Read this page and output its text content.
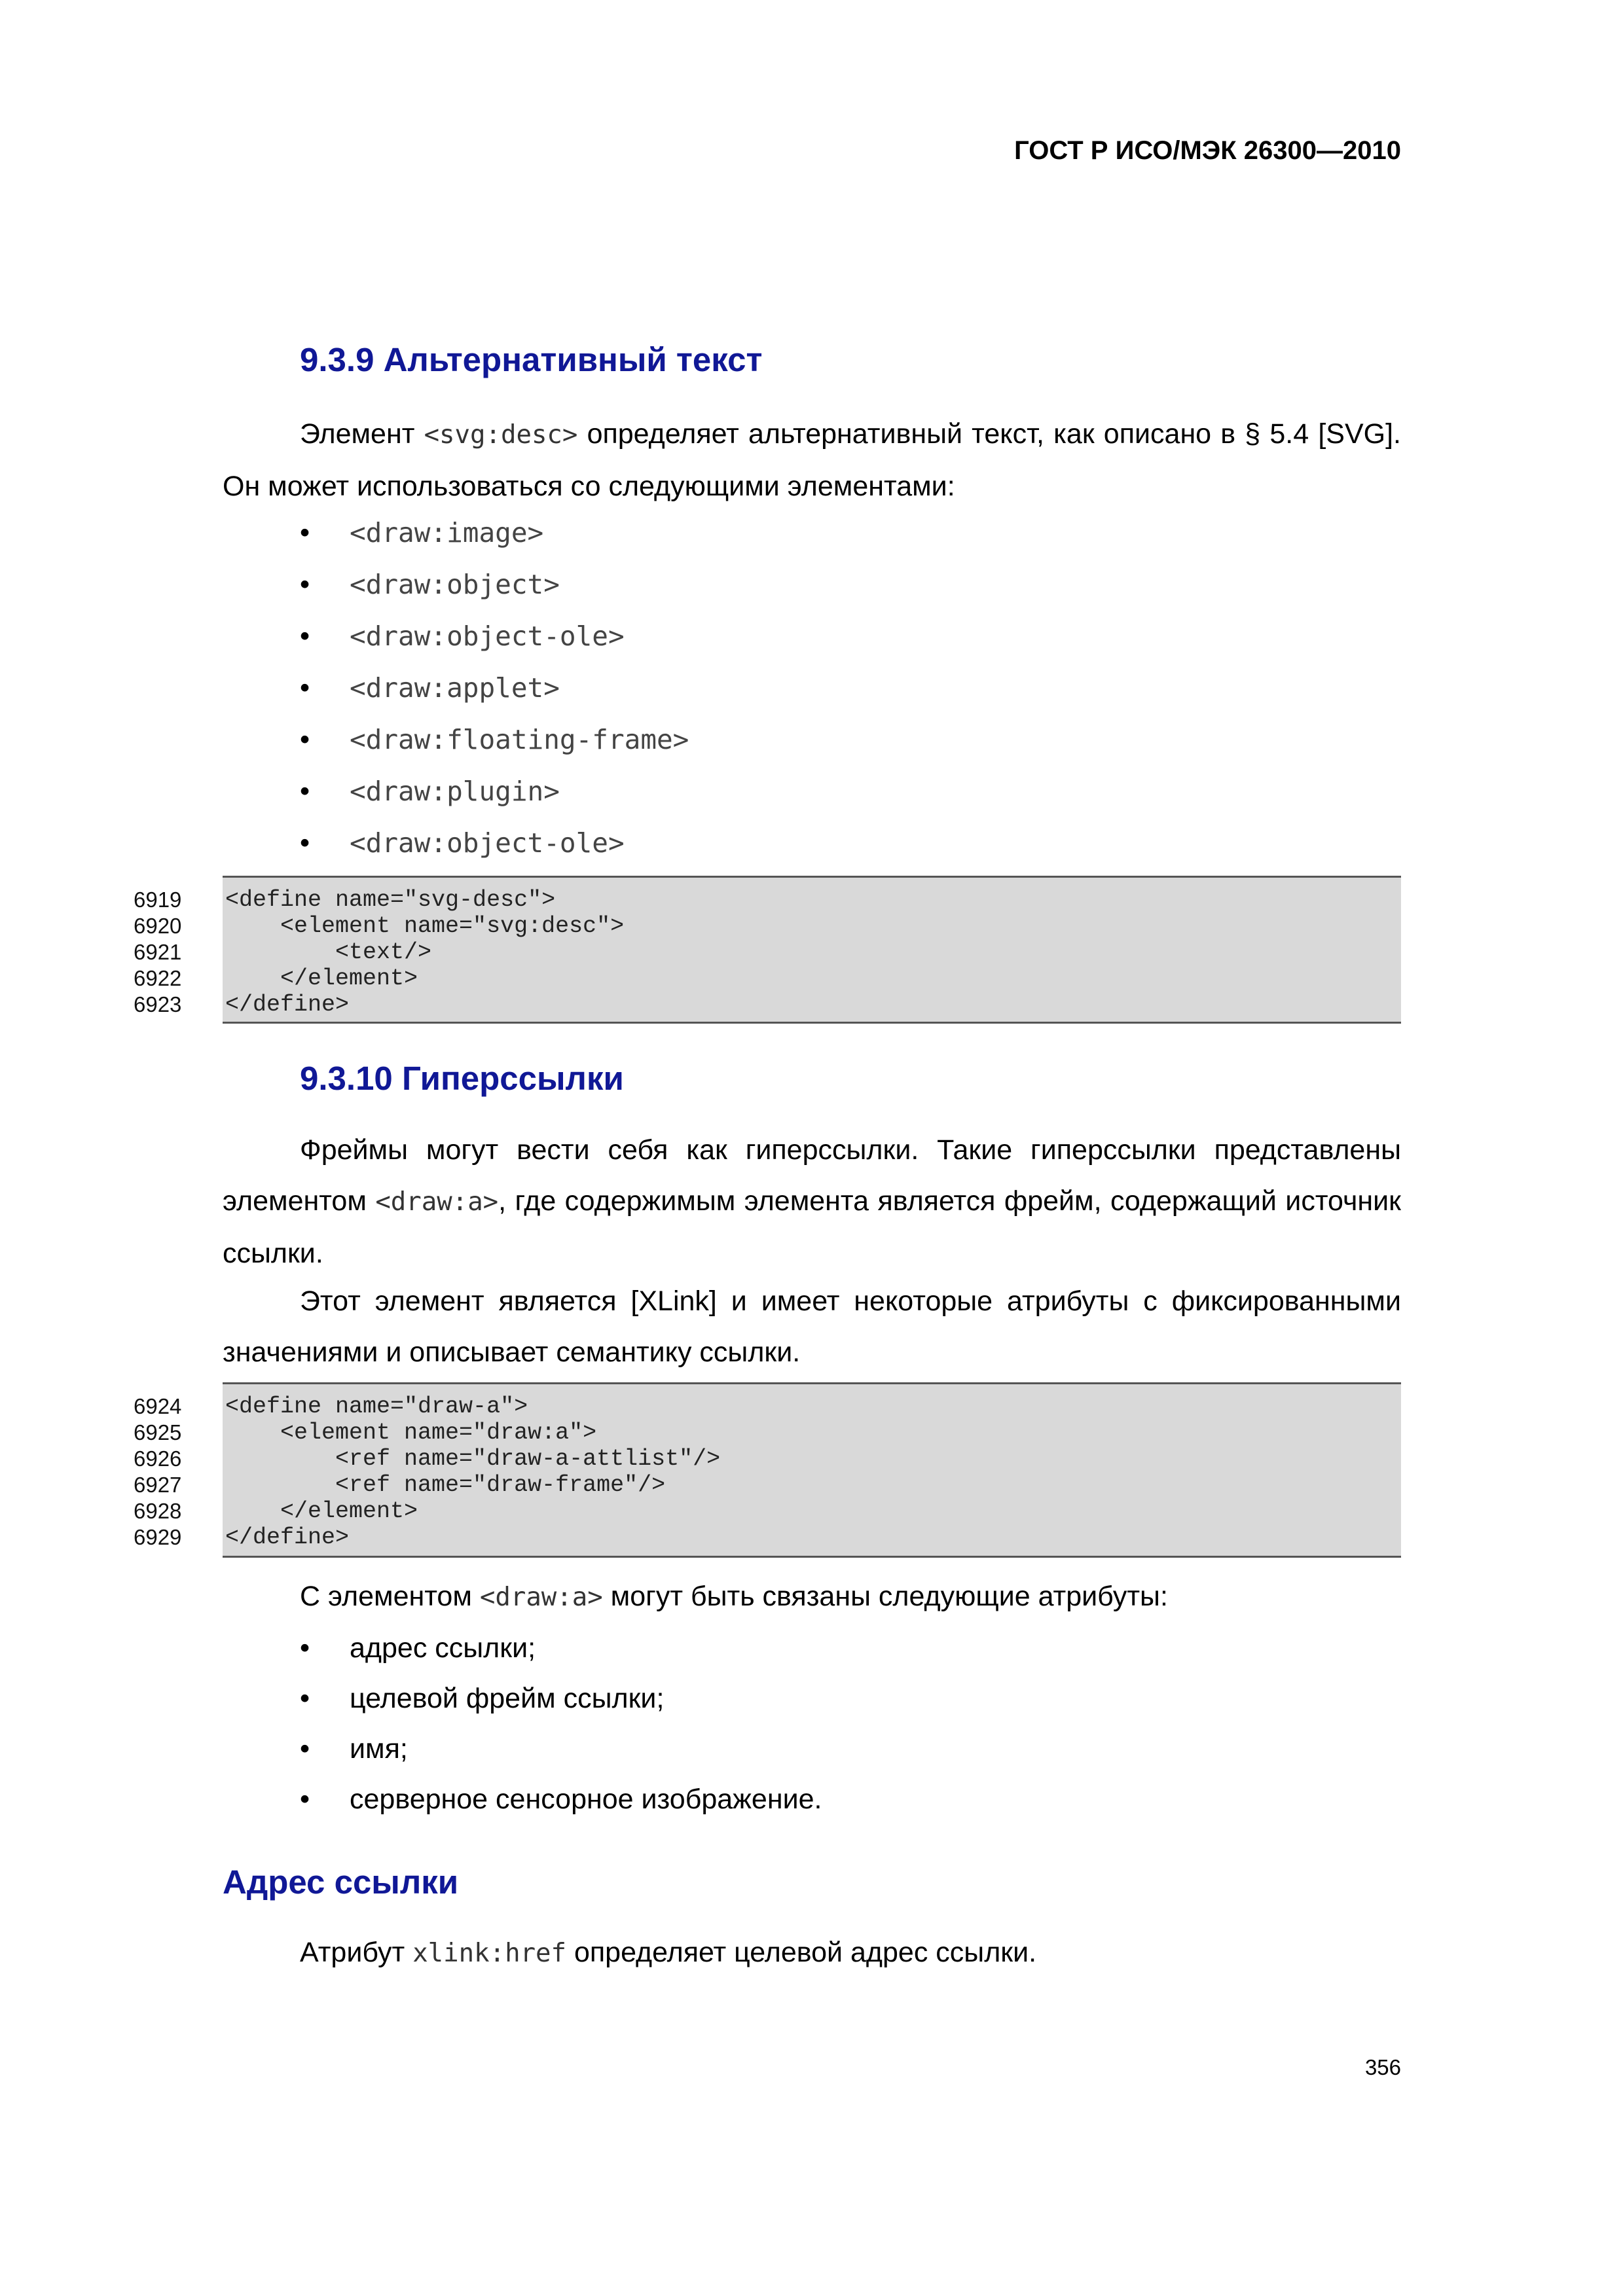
ГОСТ Р ИСО/МЭК 26300—2010
9.3.9 Альтернативный текст

Элемент <svg:desc> определяет альтернативный текст, как описано в § 5.4 [SVG]. Он может использоваться со следующими элементами:

• <draw:image>
• <draw:object>
• <draw:object-ole>
• <draw:applet>
• <draw:floating-frame>
• <draw:plugin>
• <draw:object-ole>
6919	<define name="svg-desc">
6920	<element name="svg:desc">
6921	<text/>
6922	</element>
6923	</define>
9.3.10 Гиперссылки

Фреймы могут вести себя как гиперссылки. Такие гиперссылки представлены элементом <draw:a>, где содержимым элемента является фрейм, содержащий источник ссылки.

Этот элемент является [XLink] и имеет некоторые атрибуты с фиксированными значениями и описывает семантику ссылки.

6924	<define name="draw-a">
6925	<element name="draw:a">
6926	<ref name="draw-a-attlist"/>
6927	<ref name="draw-frame"/>
6928	</element>
6929	</define>

С элементом <draw:a> могут быть связаны следующие атрибуты:

• адрес ссылки;
• целевой фрейм ссылки;
• имя;
• серверное сенсорное изображение.
Адрес ссылки

Атрибут xlink:href определяет целевой адрес ссылки.

356
